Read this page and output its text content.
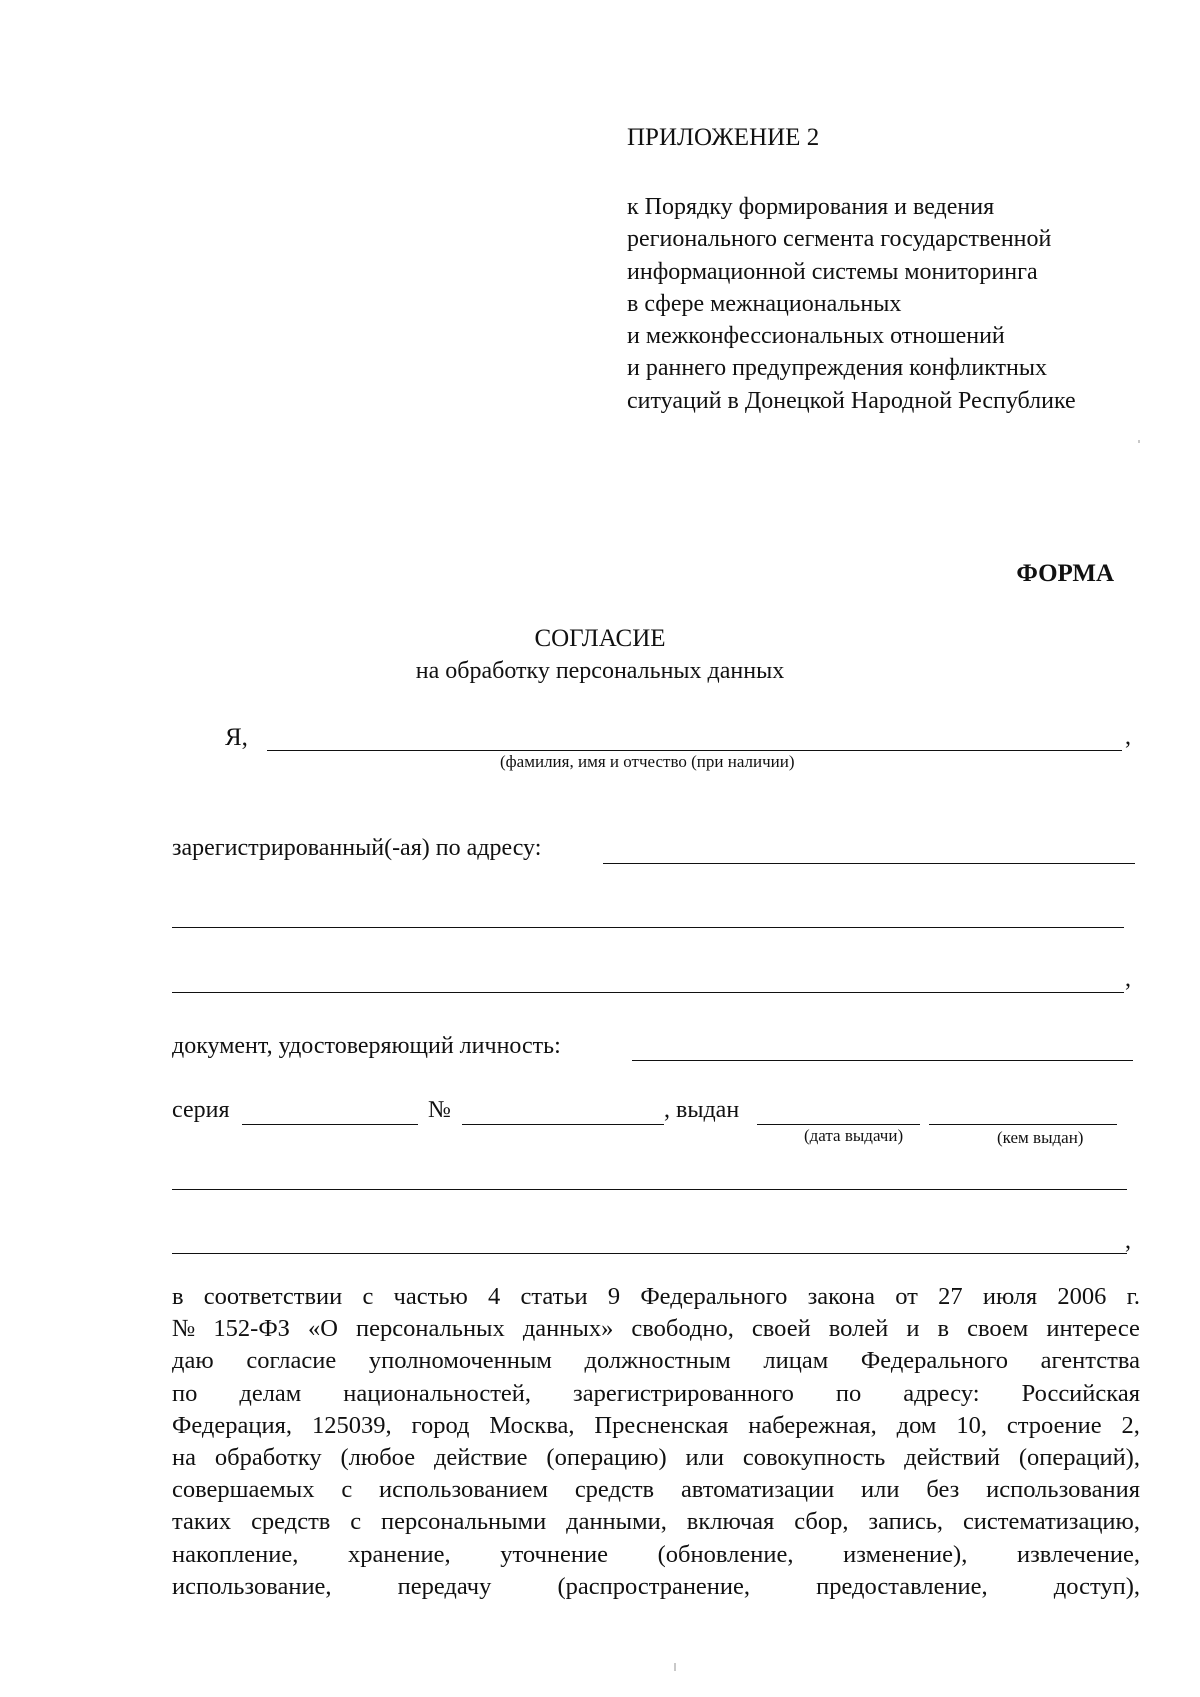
ПРИЛОЖЕНИЕ 2
к Порядку формирования и ведения
регионального сегмента государственной
информационной системы мониторинга
в сфере межнациональных
и межконфессиональных отношений
и раннего предупреждения конфликтных
ситуаций в Донецкой Народной Республике
ФОРМА
СОГЛАСИЕ
на обработку персональных данных
Я,	,
(фамилия, имя и отчество (при наличии)
зарегистрированный(-ая) по адресу:
,
документ, удостоверяющий личность:
серия	№	, выдан
(дата выдачи)	(кем выдан)
,
в соответствии с частью 4 статьи 9 Федерального закона от 27 июля 2006 г.
№ 152-ФЗ «О персональных данных» свободно, своей волей и в своем интересе
даю согласие уполномоченным должностным лицам Федерального агентства
по делам национальностей, зарегистрированного по адресу: Российская
Федерация, 125039, город Москва, Пресненская набережная, дом 10, строение 2,
на обработку (любое действие (операцию) или совокупность действий (операций),
совершаемых с использованием средств автоматизации или без использования
таких средств с персональными данными, включая сбор, запись, систематизацию,
накопление, хранение, уточнение (обновление, изменение), извлечение,
использование,	передачу	(распространение,	предоставление,	доступ),
